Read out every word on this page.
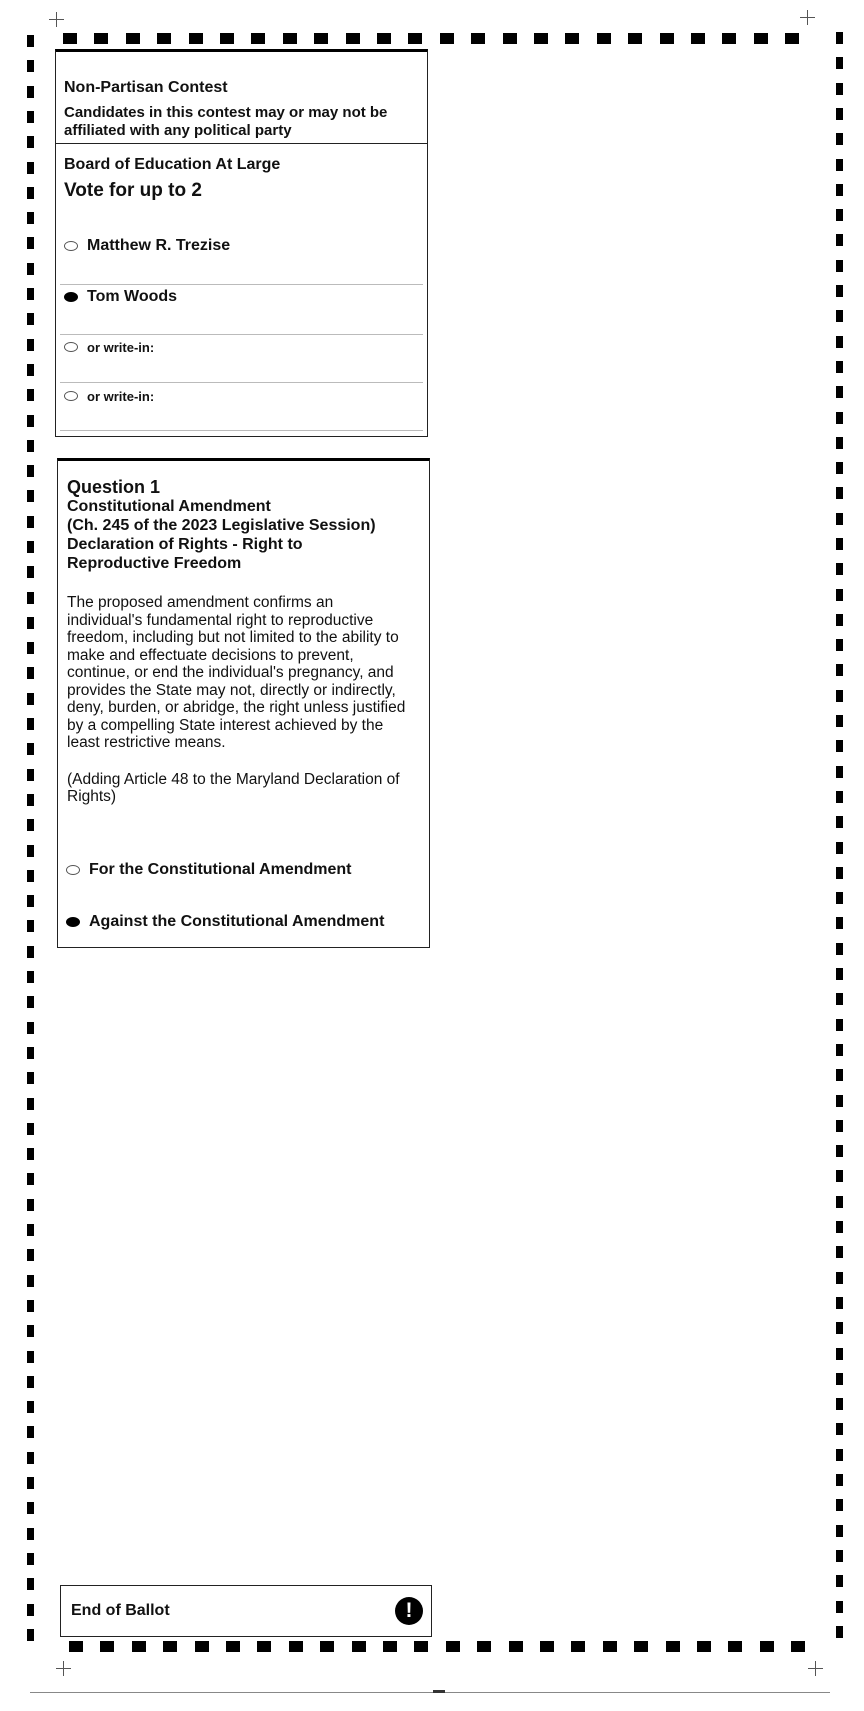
Non-Partisan Contest
Candidates in this contest may or may not be affiliated with any political party
Board of Education At Large
Vote for up to 2
Matthew R. Trezise
Tom Woods
or write-in:
or write-in:
Question 1
Constitutional Amendment
(Ch. 245 of the 2023 Legislative Session)
Declaration of Rights - Right to Reproductive Freedom
The proposed amendment confirms an individual's fundamental right to reproductive freedom, including but not limited to the ability to make and effectuate decisions to prevent, continue, or end the individual's pregnancy, and provides the State may not, directly or indirectly, deny, burden, or abridge, the right unless justified by a compelling State interest achieved by the least restrictive means.
(Adding Article 48 to the Maryland Declaration of Rights)
For the Constitutional Amendment
Against the Constitutional Amendment
End of Ballot	!
